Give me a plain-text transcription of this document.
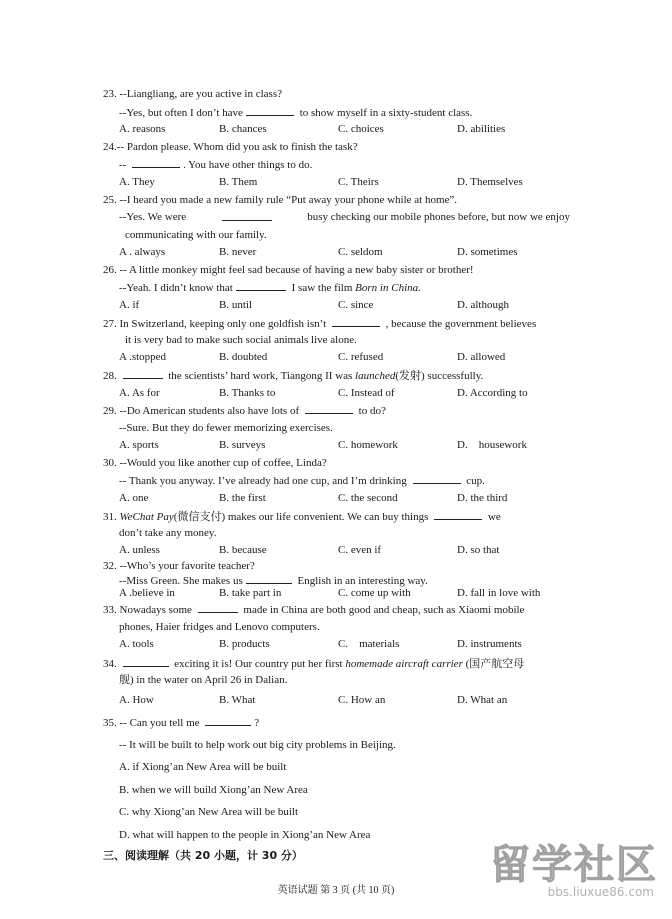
23. --Liangliang, are you active in class?
--Yes, but often I don’t have	to show myself in a sixty-student class.
A. reasons	B. chances	C. choices	D. abilities
24.-- Pardon please. Whom did you ask to finish the task?
--	. You have other things to do.
A. They	B. Them	C. Theirs	D. Themselves
25. --I heard you made a new family rule “Put away your phone while at home”.
--Yes. We were	busy checking our mobile phones before, but now we enjoy
communicating with our family.
A . always	B. never	C. seldom	D. sometimes
26. -- A little monkey might feel sad because of having a new baby sister or brother!
--Yeah. I didn’t know that	I saw the film Born in China.
A. if	B. until	C. since	D. although
27. In Switzerland, keeping only one goldfish isn’t	, because the government believes
it is very bad to make such social animals live alone.
A .stopped	B. doubted	C. refused	D. allowed
28.	the scientists’ hard work, Tiangong II was launched(发射) successfully.
A. As for	B. Thanks to	C. Instead of	D. According to
29. --Do American students also have lots of	to do?
--Sure. But they do fewer memorizing exercises.
A. sports	B. surveys	C. homework	D.    housework
30. --Would you like another cup of coffee, Linda?
-- Thank you anyway. I’ve already had one cup, and I’m drinking	cup.
A. one	B. the first	C. the second	D. the third
31. WeChat Pay(微信支付) makes our life convenient. We can buy things	we
don’t take any money.
A. unless	B. because	C. even if	D. so that
32. --Who’s your favorite teacher?
--Miss Green. She makes us	English in an interesting way.
A .believe in	B. take part in	C. come up with	D. fall in love with
33. Nowadays some	made in China are both good and cheap, such as Xiaomi mobile
phones, Haier fridges and Lenovo computers.
A. tools	B. products	C.    materials	D. instruments
34.	exciting it is! Our country put her first homemade aircraft carrier (国产航空母
舰) in the water on April 26 in Dalian.
A. How	B. What	C. How an	D. What an
35. -- Can you tell me	?
-- It will be built to help work out big city problems in Beijing.
A. if Xiong’an New Area will be built
B. when we will build Xiong’an New Area
C. why Xiong’an New Area will be built
D. what will happen to the people in Xiong’an New Area
三、阅读理解（共 20 小题，计 30 分）
英语试题 第 3 页 (共 10 页)
留学社区
bbs.liuxue86.com
